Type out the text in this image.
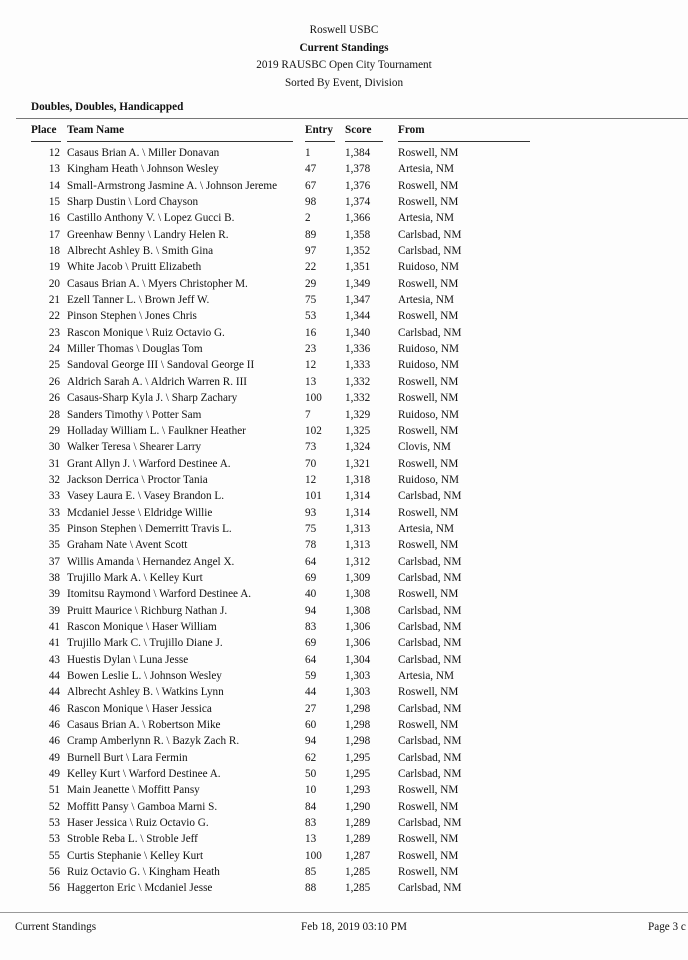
Roswell USBC
Current Standings
2019 RAUSBC Open City Tournament
Sorted By Event, Division
Doubles, Doubles, Handicapped
Place Team Name	Entry Score From
12 Casaus Brian A. \ Miller Donavan	1	1,384 Roswell, NM
13 Kingham Heath \ Johnson Wesley	47	1,378 Artesia, NM
14 Small-Armstrong Jasmine A. \ Johnson Jereme 67	1,376 Roswell, NM
15 Sharp Dustin \ Lord Chayson	98	1,374 Roswell, NM
16 Castillo Anthony V. \ Lopez Gucci B.	2	1,366 Artesia, NM
17 Greenhaw Benny \ Landry Helen R.	89	1,358 Carlsbad, NM
18 Albrecht Ashley B. \ Smith Gina	97	1,352 Carlsbad, NM
19 White Jacob \ Pruitt Elizabeth	22	1,351 Ruidoso, NM
20 Casaus Brian A. \ Myers Christopher M.	29	1,349 Roswell, NM
21 Ezell Tanner L. \ Brown Jeff W.	75	1,347 Artesia, NM
22 Pinson Stephen \ Jones Chris	53	1,344 Roswell, NM
23 Rascon Monique \ Ruiz Octavio G.	16	1,340 Carlsbad, NM
24 Miller Thomas \ Douglas Tom	23	1,336 Ruidoso, NM
25 Sandoval George III \ Sandoval George II	12	1,333 Ruidoso, NM
26 Aldrich Sarah A. \ Aldrich Warren R. III	13	1,332 Roswell, NM
26 Casaus-Sharp Kyla J. \ Sharp Zachary	100 1,332 Roswell, NM
28 Sanders Timothy \ Potter Sam	7	1,329 Ruidoso, NM
29 Holladay William L. \ Faulkner Heather	102 1,325 Roswell, NM
30 Walker Teresa \ Shearer Larry	73	1,324 Clovis, NM
31 Grant Allyn J. \ Warford Destinee A.	70	1,321 Roswell, NM
32 Jackson Derrica \ Proctor Tania	12	1,318 Ruidoso, NM
33 Vasey Laura E. \ Vasey Brandon L.	101 1,314 Carlsbad, NM
33 Mcdaniel Jesse \ Eldridge Willie	93	1,314 Roswell, NM
35 Pinson Stephen \ Demerritt Travis L.	75	1,313 Artesia, NM
35 Graham Nate \ Avent Scott	78	1,313 Roswell, NM
37 Willis Amanda \ Hernandez Angel X.	64	1,312 Carlsbad, NM
38 Trujillo Mark A. \ Kelley Kurt	69	1,309 Carlsbad, NM
39 Itomitsu Raymond \ Warford Destinee A.	40	1,308 Roswell, NM
39 Pruitt Maurice \ Richburg Nathan J.	94	1,308 Carlsbad, NM
41 Rascon Monique \ Haser William	83	1,306 Carlsbad, NM
41 Trujillo Mark C. \ Trujillo Diane J.	69	1,306 Carlsbad, NM
43 Huestis Dylan \ Luna Jesse	64	1,304 Carlsbad, NM
44 Bowen Leslie L. \ Johnson Wesley	59	1,303 Artesia, NM
44 Albrecht Ashley B. \ Watkins Lynn	44	1,303 Roswell, NM
46 Rascon Monique \ Haser Jessica	27	1,298 Carlsbad, NM
46 Casaus Brian A. \ Robertson Mike	60	1,298 Roswell, NM
46 Cramp Amberlynn R. \ Bazyk Zach R.	94	1,298 Carlsbad, NM
49 Burnell Burt \ Lara Fermin	62	1,295 Carlsbad, NM
49 Kelley Kurt \ Warford Destinee A.	50	1,295 Carlsbad, NM
51 Main Jeanette \ Moffitt Pansy	10	1,293 Roswell, NM
52 Moffitt Pansy \ Gamboa Marni S.	84	1,290 Roswell, NM
53 Haser Jessica \ Ruiz Octavio G.	83	1,289 Carlsbad, NM
53 Stroble Reba L. \ Stroble Jeff	13	1,289 Roswell, NM
55 Curtis Stephanie \ Kelley Kurt	100 1,287 Roswell, NM
56 Ruiz Octavio G. \ Kingham Heath	85	1,285 Roswell, NM
56 Haggerton Eric \ Mcdaniel Jesse	88	1,285 Carlsbad, NM
Current Standings	Feb 18, 2019 03:10 PM	Page 3 c
